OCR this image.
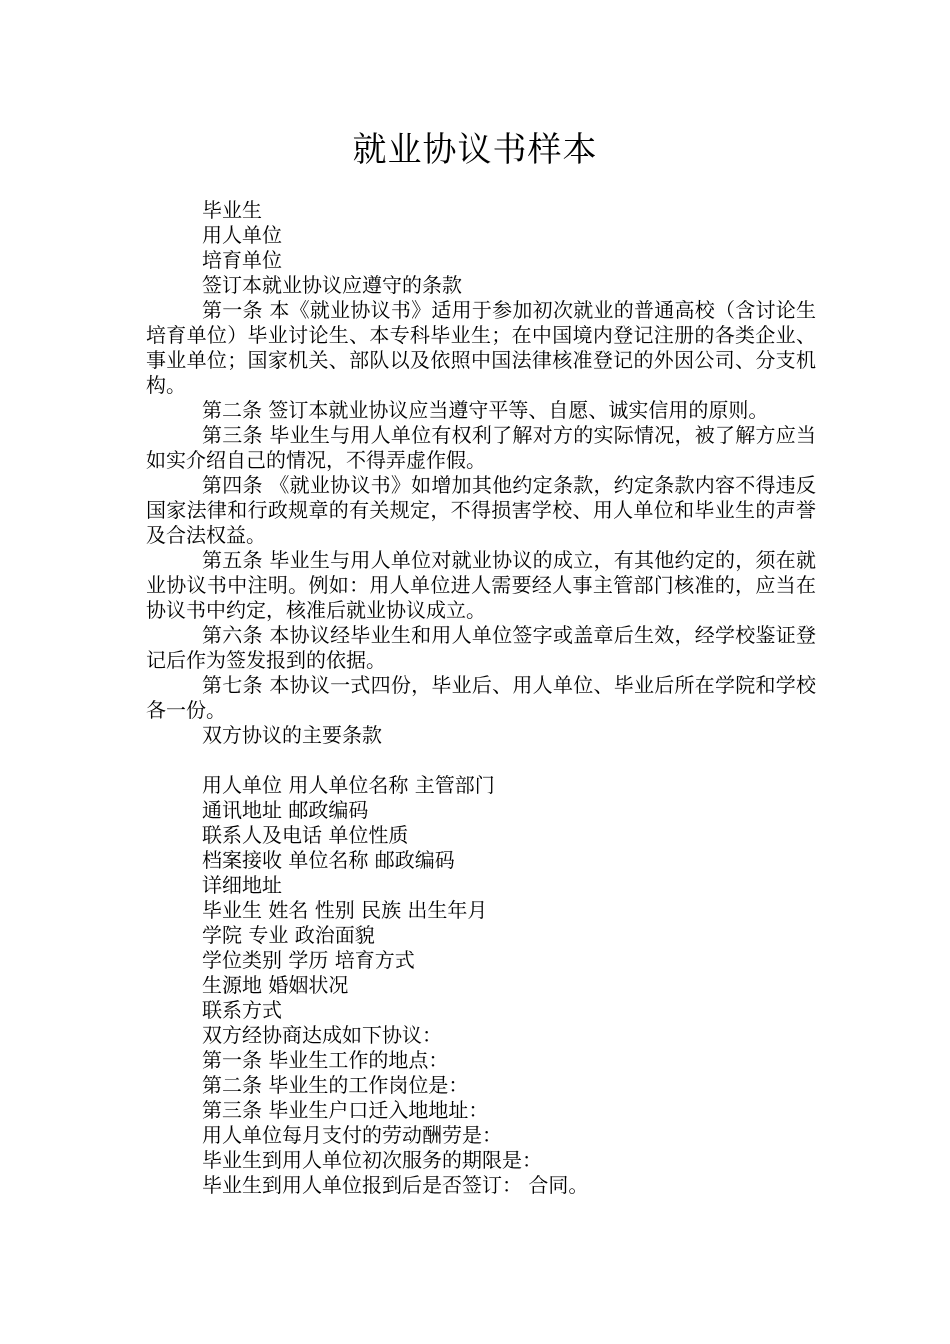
就业协议书样本

毕业生

用人单位

培育单位

签订本就业协议应遵守的条款

第一条 本《就业协议书》适用于参加初次就业的普通高校（含讨论生培育单位）毕业讨论生、本专科毕业生；在中国境内登记注册的各类企业、事业单位；国家机关、部队以及依照中国法律核准登记的外因公司、分支机构。

第二条 签订本就业协议应当遵守平等、自愿、诚实信用的原则。

第三条 毕业生与用人单位有权利了解对方的实际情况，被了解方应当如实介绍自己的情况，不得弄虚作假。

第四条 《就业协议书》如增加其他约定条款，约定条款内容不得违反国家法律和行政规章的有关规定，不得损害学校、用人单位和毕业生的声誉及合法权益。

第五条 毕业生与用人单位对就业协议的成立，有其他约定的，须在就业协议书中注明。例如：用人单位进人需要经人事主管部门核准的，应当在协议书中约定，核准后就业协议成立。

第六条 本协议经毕业生和用人单位签字或盖章后生效，经学校鉴证登记后作为签发报到的依据。

第七条 本协议一式四份，毕业后、用人单位、毕业后所在学院和学校各一份。

双方协议的主要条款

用人单位 用人单位名称 主管部门

通讯地址 邮政编码

联系人及电话 单位性质

档案接收 单位名称 邮政编码

详细地址

毕业生 姓名 性别 民族 出生年月

学院 专业 政治面貌

学位类别 学历 培育方式

生源地 婚姻状况

联系方式

双方经协商达成如下协议：

第一条 毕业生工作的地点：

第二条 毕业生的工作岗位是：

第三条 毕业生户口迁入地地址：

用人单位每月支付的劳动酬劳是：

毕业生到用人单位初次服务的期限是：

毕业生到用人单位报到后是否签订： 合同。
